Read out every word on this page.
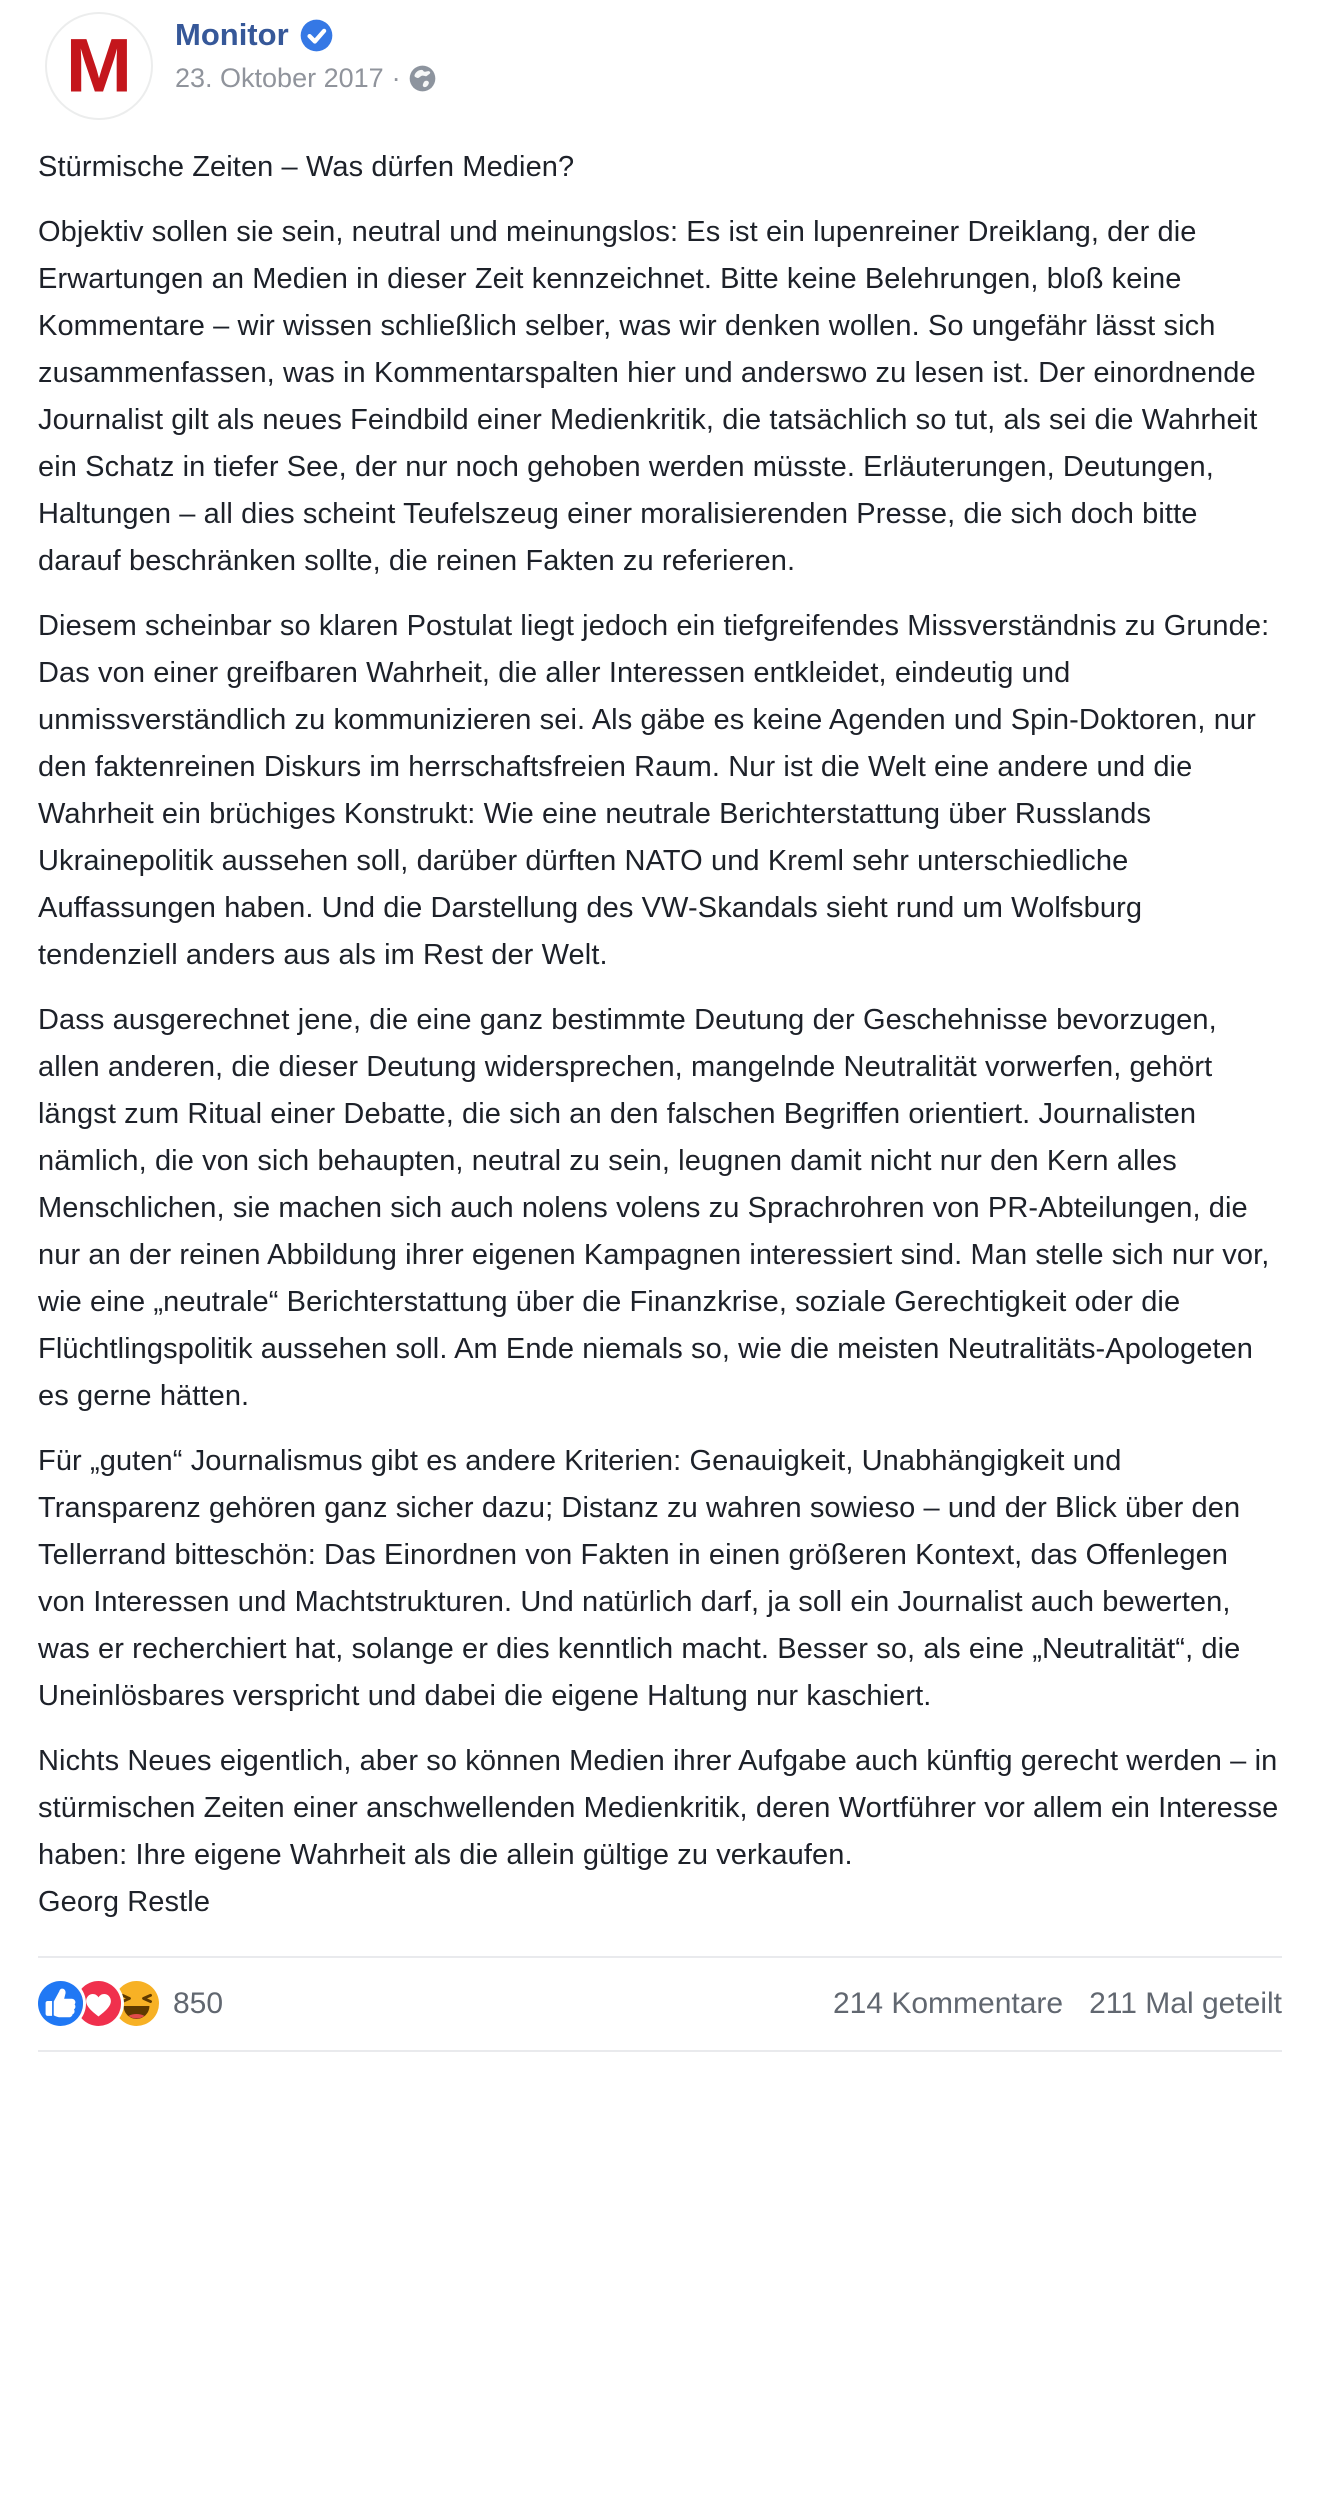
M Monitor
23. Oktober 2017 ·

Stürmische Zeiten – Was dürfen Medien?

Objektiv sollen sie sein, neutral und meinungslos: Es ist ein lupenreiner Dreiklang, der die Erwartungen an Medien in dieser Zeit kennzeichnet. Bitte keine Belehrungen, bloß keine Kommentare – wir wissen schließlich selber, was wir denken wollen. So ungefähr lässt sich zusammenfassen, was in Kommentarspalten hier und anderswo zu lesen ist. Der einordnende Journalist gilt als neues Feindbild einer Medienkritik, die tatsächlich so tut, als sei die Wahrheit ein Schatz in tiefer See, der nur noch gehoben werden müsste. Erläuterungen, Deutungen, Haltungen – all dies scheint Teufelszeug einer moralisierenden Presse, die sich doch bitte darauf beschränken sollte, die reinen Fakten zu referieren.

Diesem scheinbar so klaren Postulat liegt jedoch ein tiefgreifendes Missverständnis zu Grunde: Das von einer greifbaren Wahrheit, die aller Interessen entkleidet, eindeutig und unmissverständlich zu kommunizieren sei. Als gäbe es keine Agenden und Spin-Doktoren, nur den faktenreinen Diskurs im herrschaftsfreien Raum. Nur ist die Welt eine andere und die Wahrheit ein brüchiges Konstrukt: Wie eine neutrale Berichterstattung über Russlands Ukrainepolitik aussehen soll, darüber dürften NATO und Kreml sehr unterschiedliche Auffassungen haben. Und die Darstellung des VW-Skandals sieht rund um Wolfsburg tendenziell anders aus als im Rest der Welt.

Dass ausgerechnet jene, die eine ganz bestimmte Deutung der Geschehnisse bevorzugen, allen anderen, die dieser Deutung widersprechen, mangelnde Neutralität vorwerfen, gehört längst zum Ritual einer Debatte, die sich an den falschen Begriffen orientiert. Journalisten nämlich, die von sich behaupten, neutral zu sein, leugnen damit nicht nur den Kern alles Menschlichen, sie machen sich auch nolens volens zu Sprachrohren von PR-Abteilungen, die nur an der reinen Abbildung ihrer eigenen Kampagnen interessiert sind. Man stelle sich nur vor, wie eine „neutrale“ Berichterstattung über die Finanzkrise, soziale Gerechtigkeit oder die Flüchtlingspolitik aussehen soll. Am Ende niemals so, wie die meisten Neutralitäts-Apologeten es gerne hätten.

Für „guten“ Journalismus gibt es andere Kriterien: Genauigkeit, Unabhängigkeit und Transparenz gehören ganz sicher dazu; Distanz zu wahren sowieso – und der Blick über den Tellerrand bitteschön: Das Einordnen von Fakten in einen größeren Kontext, das Offenlegen von Interessen und Machtstrukturen. Und natürlich darf, ja soll ein Journalist auch bewerten, was er recherchiert hat, solange er dies kenntlich macht. Besser so, als eine „Neutralität“, die Uneinlösbares verspricht und dabei die eigene Haltung nur kaschiert.

Nichts Neues eigentlich, aber so können Medien ihrer Aufgabe auch künftig gerecht werden – in stürmischen Zeiten einer anschwellenden Medienkritik, deren Wortführer vor allem ein Interesse haben: Ihre eigene Wahrheit als die allein gültige zu verkaufen.

Georg Restle

850	214 Kommentare 211 Mal geteilt
